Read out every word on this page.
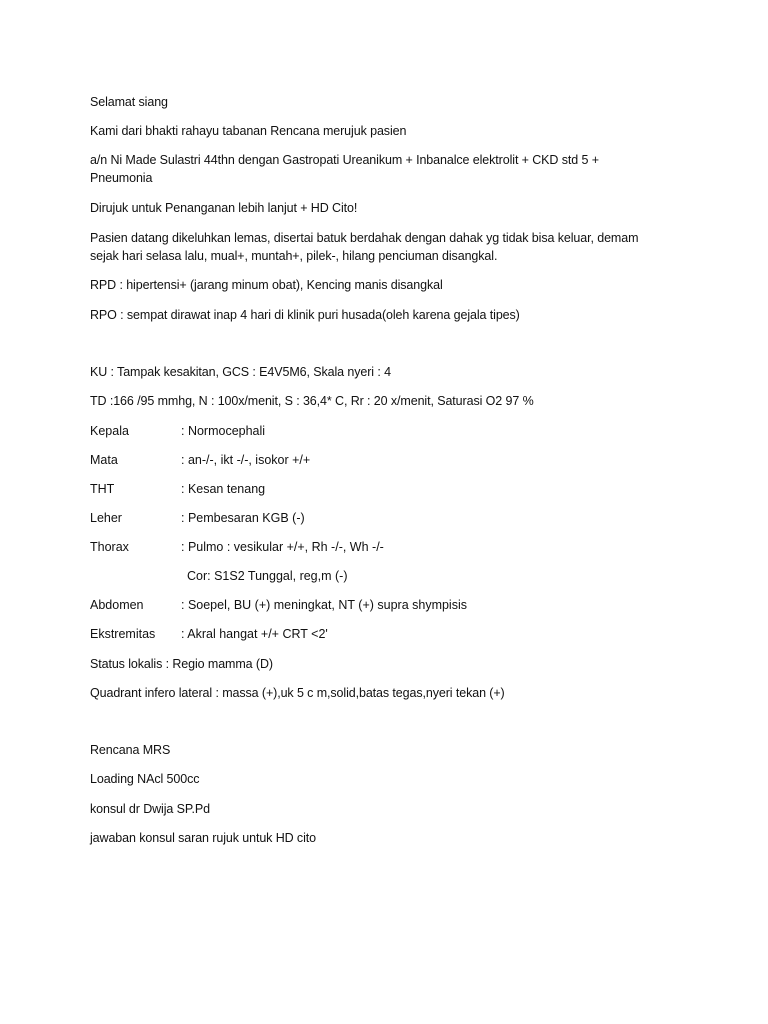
Selamat siang
Kami dari bhakti rahayu tabanan Rencana merujuk pasien
a/n Ni Made Sulastri 44thn dengan Gastropati Ureanikum + Inbanalce elektrolit + CKD std 5 + Pneumonia
Dirujuk untuk Penanganan lebih lanjut + HD Cito!
Pasien datang dikeluhkan lemas, disertai batuk berdahak dengan dahak yg tidak bisa keluar, demam sejak hari selasa lalu, mual+, muntah+, pilek-, hilang penciuman disangkal.
RPD : hipertensi+ (jarang minum obat), Kencing manis disangkal
RPO : sempat dirawat inap 4 hari di klinik puri husada(oleh karena gejala tipes)
KU : Tampak kesakitan, GCS : E4V5M6, Skala nyeri : 4
TD :166 /95 mmhg, N : 100x/menit, S : 36,4* C, Rr : 20 x/menit, Saturasi O2 97 %
Kepala	: Normocephali
Mata	: an-/-, ikt -/-, isokor +/+
THT	: Kesan tenang
Leher	: Pembesaran KGB (-)
Thorax	: Pulmo : vesikular +/+, Rh -/-, Wh -/-
Cor: S1S2 Tunggal, reg,m (-)
Abdomen	: Soepel, BU (+) meningkat, NT (+) supra shympisis
Ekstremitas : Akral hangat +/+ CRT <2'
Status lokalis : Regio mamma (D)
Quadrant infero lateral : massa (+),uk 5 c m,solid,batas tegas,nyeri tekan (+)
Rencana MRS
Loading NAcl 500cc
konsul dr Dwija SP.Pd
jawaban konsul saran rujuk untuk HD cito
